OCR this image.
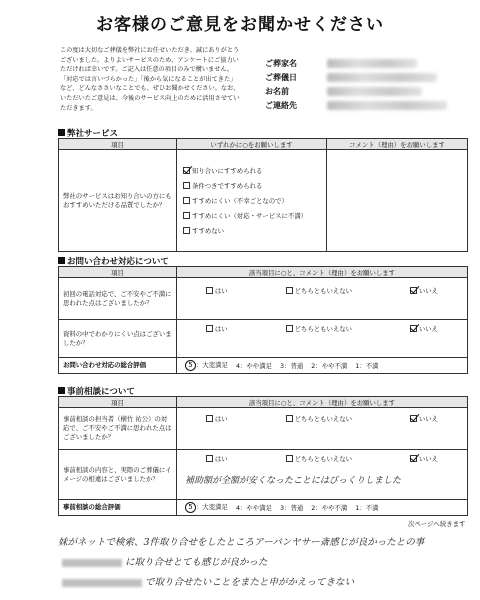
お客様のご意見をお聞かせください
この度は大切なご葬儀を弊社にお任せいただき、誠にありがとうございました。よりよいサービスのため、アンケートにご協力いただければ幸いです。ご記入は任意の項目のみで構いません。「対応では言いづらかった」「後から気になることが出てきた」など、どんなささいなことでも、ぜひお聞かせください。なお、いただいたご意見は、今後のサービス向上のために活用させていただきます。
ご葬家名
ご葬儀日
お名前
ご連絡先
弊社サービス
項目	いずれかに○をお願いします	コメント（理由）をお願いします
弊社のサービスはお知り合いの方にもおすすめいただける品質でしたか？	知り合いにすすめられる
条件つきですすめられる
すすめにくい（不幸ごとなので）
すすめにくい（対応・サービスに不満）
すすめない	

お問い合わせ対応について
項目	該当項目に○と、コメント（理由）をお願いします
初回の電話対応で、ご不安やご不満に思われた点はございましたか？	はい どちらともいえない いいえ

資料の中でわかりにくい点はございましたか？	はい どちらともいえない いいえ

お問い合わせ対応の総合評価	5 ：大変満足 4：やや満足 3：普通 2：やや不満 1：不満
事前相談について
項目	該当項目に○と、コメント（理由）をお願いします
事前相談の担当者（横竹 祐公）の対応で、ご不安やご不満に思われた点はございましたか？	はい どちらともいえない いいえ

事前相談の内容と、実際のご葬儀にイメージの相違はございましたか？	はい どちらともいえない いいえ
補助額が全額が安くなったことにはびっくりしました

事前相談の総合評価	5 ：大変満足 4：やや満足 3：普通 2：やや不満 1：不満
次ページへ続きます
妹がネットで検索、3件取り合せをしたところアーバンヤサー斎感じが良かったとの事
に取り合せとても感じが良かった
で取り合せたいことをまたと申がかえってきない
